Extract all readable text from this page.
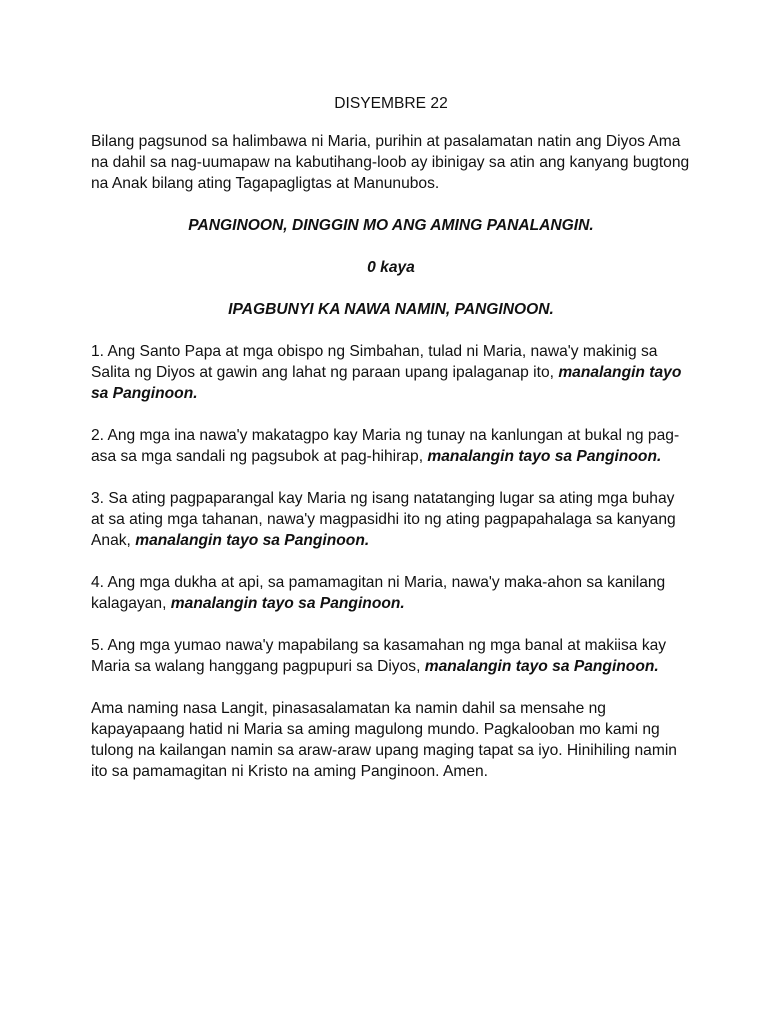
DISYEMBRE 22

Bilang pagsunod sa halimbawa ni Maria, purihin at pasalamatan natin ang Diyos Ama na dahil sa nag-uumapaw na kabutihang-loob ay ibinigay sa atin ang kanyang bugtong na Anak bilang ating Tagapagligtas at Manunubos.

PANGINOON, DINGGIN MO ANG AMING PANALANGIN.

0 kaya

IPAGBUNYI KA NAWA NAMIN, PANGINOON.

1. Ang Santo Papa at mga obispo ng Simbahan, tulad ni Maria, nawa'y makinig sa Salita ng Diyos at gawin ang lahat ng paraan upang ipalaganap ito, manalangin tayo sa Panginoon.

2. Ang mga ina nawa'y makatagpo kay Maria ng tunay na kanlungan at bukal ng pag-asa sa mga sandali ng pagsubok at pag-hihirap, manalangin tayo sa Panginoon.

3. Sa ating pagpaparangal kay Maria ng isang natatanging lugar sa ating mga buhay at sa ating mga tahanan, nawa'y magpasidhi ito ng ating pagpapahalaga sa kanyang Anak, manalangin tayo sa Panginoon.

4. Ang mga dukha at api, sa pamamagitan ni Maria, nawa'y maka-ahon sa kanilang kalagayan, manalangin tayo sa Panginoon.

5. Ang mga yumao nawa'y mapabilang sa kasamahan ng mga banal at makiisa kay Maria sa walang hanggang pagpupuri sa Diyos, manalangin tayo sa Panginoon.

Ama naming nasa Langit, pinasasalamatan ka namin dahil sa mensahe ng kapayapaang hatid ni Maria sa aming magulong mundo. Pagkalooban mo kami ng tulong na kailangan namin sa araw-araw upang maging tapat sa iyo. Hinihiling namin ito sa pamamagitan ni Kristo na aming Panginoon. Amen.
